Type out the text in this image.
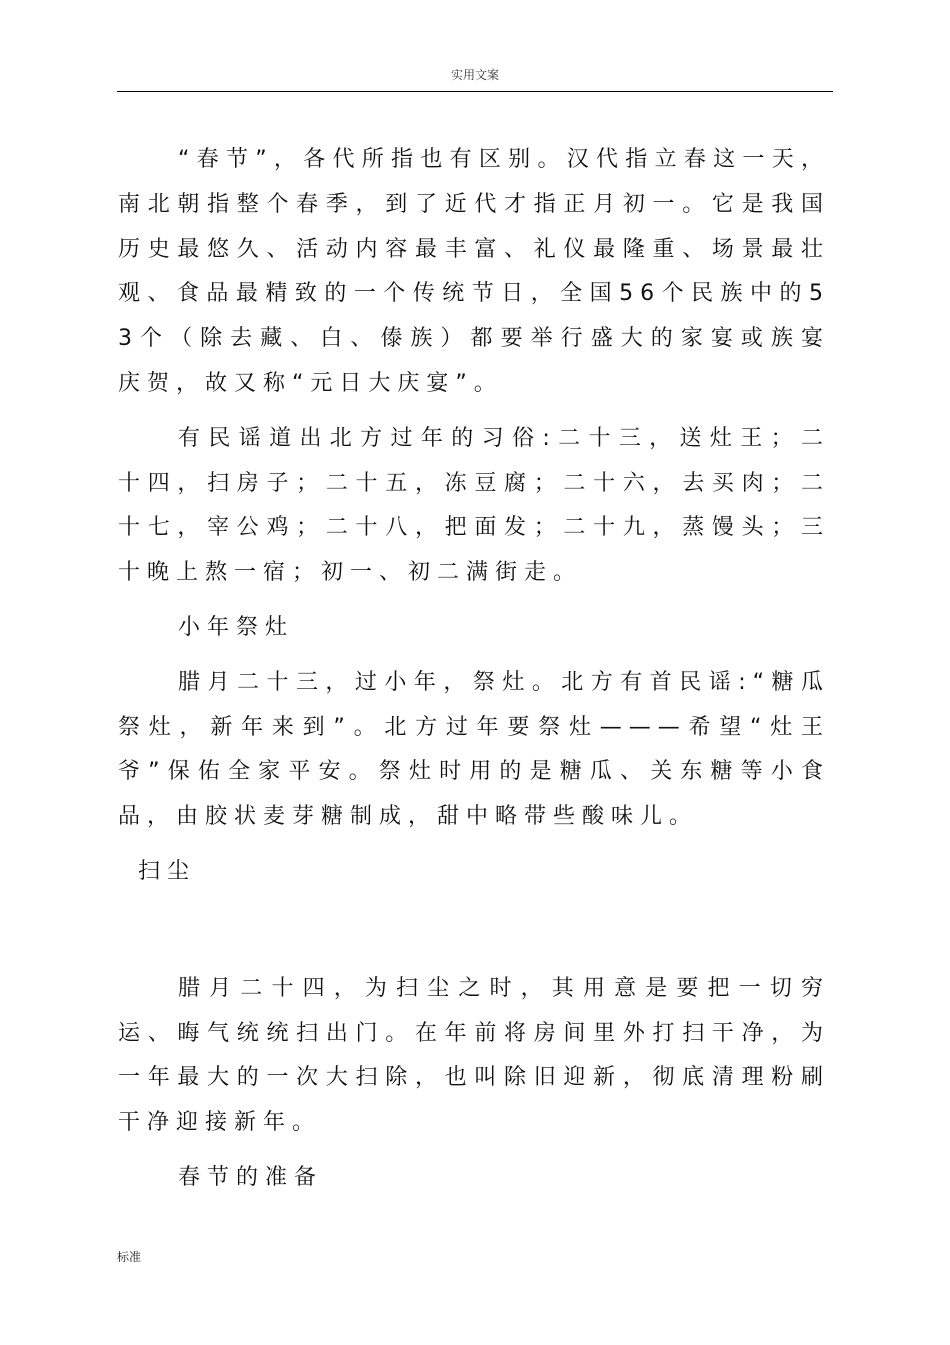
实用文案

“春节”，各代所指也有区别。汉代指立春这一天，南北朝指整个春季，到了近代才指正月初一。它是我国历史最悠久、活动内容最丰富、礼仪最隆重、场景最壮观、食品最精致的一个传统节日，全国56个民族中的53个（除去藏、白、傣族）都要举行盛大的家宴或族宴庆贺，故又称“元日大庆宴”。

有民谣道出北方过年的习俗:二十三，送灶王；二十四，扫房子；二十五，冻豆腐；二十六，去买肉；二十七，宰公鸡；二十八，把面发；二十九，蒸馒头；三十晚上熬一宿；初一、初二满街走。

小年祭灶

腊月二十三，过小年，祭灶。北方有首民谣:“糖瓜祭灶，新年来到”。北方过年要祭灶———希望“灶王爷”保佑全家平安。祭灶时用的是糖瓜、关东糖等小食品，由胶状麦芽糖制成，甜中略带些酸味儿。

扫尘

腊月二十四，为扫尘之时，其用意是要把一切穷运、晦气统统扫出门。在年前将房间里外打扫干净，为一年最大的一次大扫除，也叫除旧迎新，彻底清理粉刷干净迎接新年。

春节的准备
标准
